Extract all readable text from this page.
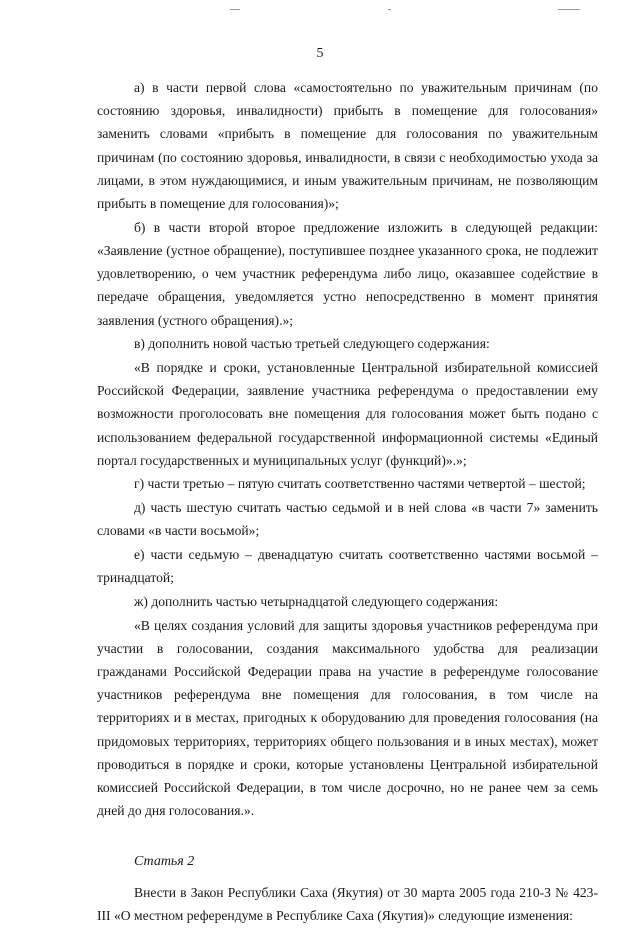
5

а) в части первой слова «самостоятельно по уважительным причинам (по состоянию здоровья, инвалидности) прибыть в помещение для голосования» заменить словами «прибыть в помещение для голосования по уважительным причинам (по состоянию здоровья, инвалидности, в связи с необходимостью ухода за лицами, в этом нуждающимися, и иным уважительным причинам, не позволяющим прибыть в помещение для голосования)»;

б) в части второй второе предложение изложить в следующей редакции: «Заявление (устное обращение), поступившее позднее указанного срока, не подлежит удовлетворению, о чем участник референдума либо лицо, оказавшее содействие в передаче обращения, уведомляется устно непосредственно в момент принятия заявления (устного обращения).»;

в) дополнить новой частью третьей следующего содержания:

«В порядке и сроки, установленные Центральной избирательной комиссией Российской Федерации, заявление участника референдума о предоставлении ему возможности проголосовать вне помещения для голосования может быть подано с использованием федеральной государственной информационной системы «Единый портал государственных и муниципальных услуг (функций)».»;

г) части третью – пятую считать соответственно частями четвертой – шестой;

д) часть шестую считать частью седьмой и в ней слова «в части 7» заменить словами «в части восьмой»;

е) части седьмую – двенадцатую считать соответственно частями восьмой – тринадцатой;

ж) дополнить частью четырнадцатой следующего содержания:

«В целях создания условий для защиты здоровья участников референдума при участии в голосовании, создания максимального удобства для реализации гражданами Российской Федерации права на участие в референдуме голосование участников референдума вне помещения для голосования, в том числе на территориях и в местах, пригодных к оборудованию для проведения голосования (на придомовых территориях, территориях общего пользования и в иных местах), может проводиться в порядке и сроки, которые установлены Центральной избирательной комиссией Российской Федерации, в том числе досрочно, но не ранее чем за семь дней до дня голосования.».

Статья 2

Внести в Закон Республики Саха (Якутия) от 30 марта 2005 года 210-З № 423-III «О местном референдуме в Республике Саха (Якутия)» следующие изменения:
